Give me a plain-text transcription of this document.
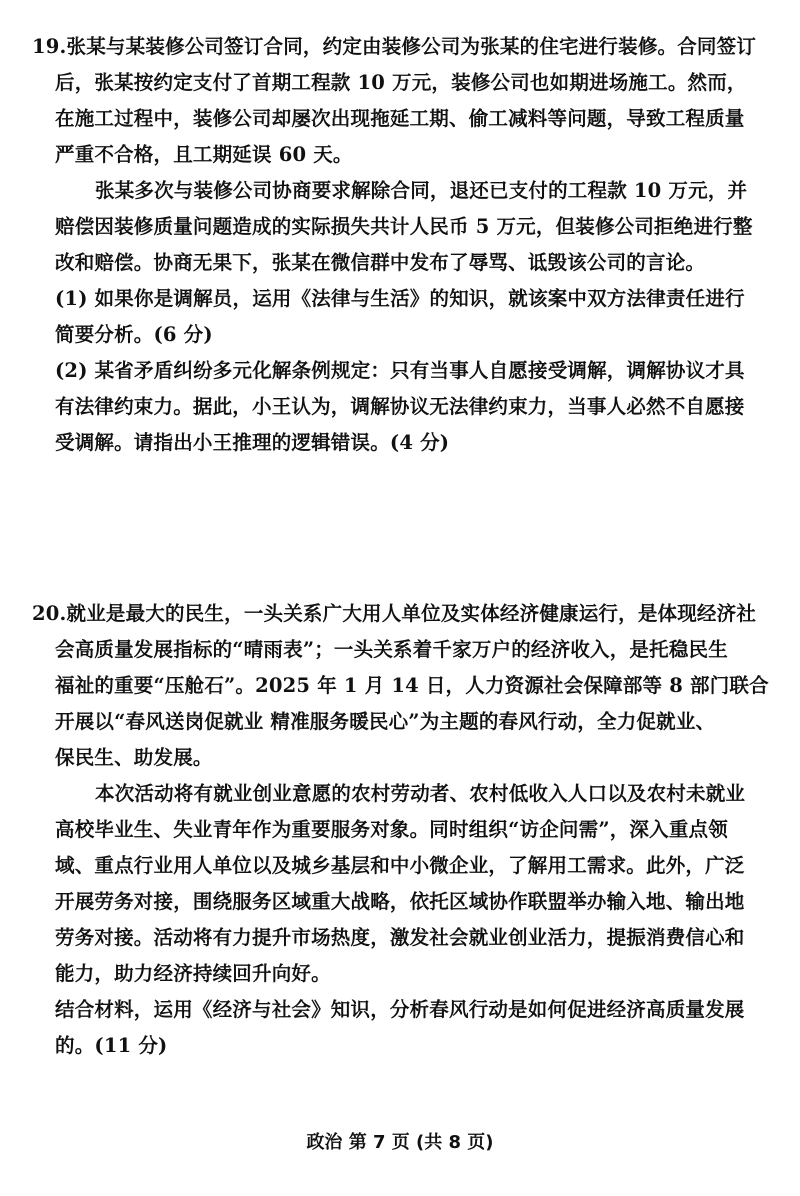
19.张某与某装修公司签订合同，约定由装修公司为张某的住宅进行装修。合同签订
后，张某按约定支付了首期工程款 10 万元，装修公司也如期进场施工。然而，
在施工过程中，装修公司却屡次出现拖延工期、偷工减料等问题，导致工程质量
严重不合格，且工期延误 60 天。
张某多次与装修公司协商要求解除合同，退还已支付的工程款 10 万元，并
赔偿因装修质量问题造成的实际损失共计人民币 5 万元，但装修公司拒绝进行整
改和赔偿。协商无果下，张某在微信群中发布了辱骂、诋毁该公司的言论。
(1) 如果你是调解员，运用《法律与生活》的知识，就该案中双方法律责任进行
简要分析。(6 分)
(2) 某省矛盾纠纷多元化解条例规定：只有当事人自愿接受调解，调解协议才具
有法律约束力。据此，小王认为，调解协议无法律约束力，当事人必然不自愿接
受调解。请指出小王推理的逻辑错误。(4 分)
20.就业是最大的民生，一头关系广大用人单位及实体经济健康运行，是体现经济社
会高质量发展指标的“晴雨表”；一头关系着千家万户的经济收入，是托稳民生
福祉的重要“压舱石”。2025 年 1 月 14 日，人力资源社会保障部等 8 部门联合
开展以“春风送岗促就业 精准服务暖民心”为主题的春风行动，全力促就业、
保民生、助发展。
本次活动将有就业创业意愿的农村劳动者、农村低收入人口以及农村未就业
高校毕业生、失业青年作为重要服务对象。同时组织“访企问需”，深入重点领
域、重点行业用人单位以及城乡基层和中小微企业，了解用工需求。此外，广泛
开展劳务对接，围绕服务区域重大战略，依托区域协作联盟举办输入地、输出地
劳务对接。活动将有力提升市场热度，激发社会就业创业活力，提振消费信心和
能力，助力经济持续回升向好。
结合材料，运用《经济与社会》知识，分析春风行动是如何促进经济高质量发展
的。(11 分)
政治 第 7 页 (共 8 页)
